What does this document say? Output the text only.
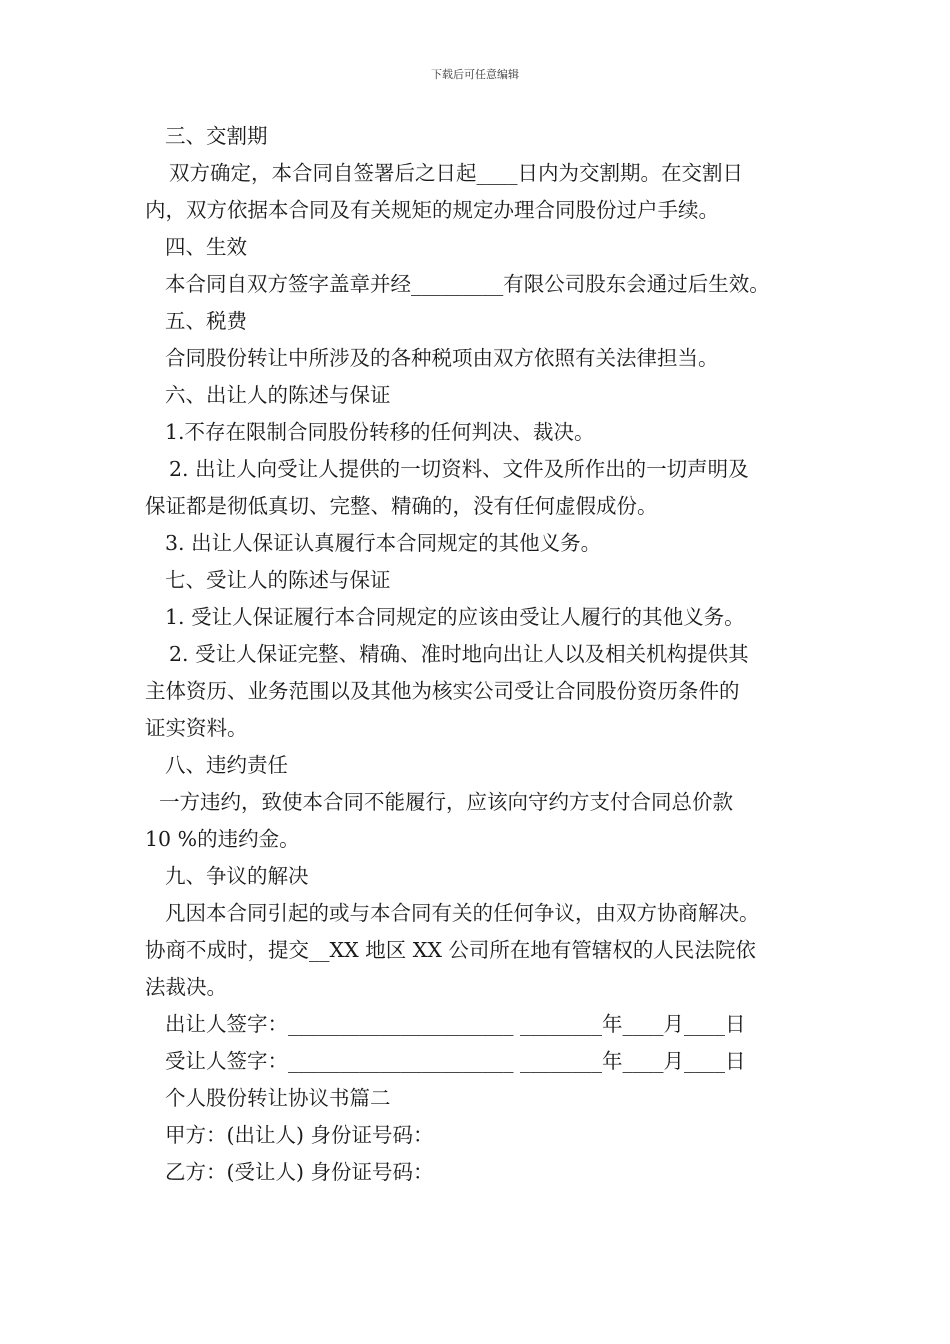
下载后可任意编辑
三、交割期
双方确定，本合同自签署后之日起____日内为交割期。在交割日
内，双方依据本合同及有关规矩的规定办理合同股份过户手续。
四、生效
本合同自双方签字盖章并经_________有限公司股东会通过后生效。
五、税费
合同股份转让中所涉及的各种税项由双方依照有关法律担当。
六、出让人的陈述与保证
1.不存在限制合同股份转移的任何判决、裁决。
2. 出让人向受让人提供的一切资料、文件及所作出的一切声明及
保证都是彻低真切、完整、精确的，没有任何虚假成份。
3. 出让人保证认真履行本合同规定的其他义务。
七、受让人的陈述与保证
1. 受让人保证履行本合同规定的应该由受让人履行的其他义务。
2. 受让人保证完整、精确、准时地向出让人以及相关机构提供其
主体资历、业务范围以及其他为核实公司受让合同股份资历条件的
证实资料。
八、违约责任
一方违约，致使本合同不能履行，应该向守约方支付合同总价款
10 %的违约金。
九、争议的解决
凡因本合同引起的或与本合同有关的任何争议，由双方协商解决。
协商不成时，提交__XX 地区 XX 公司所在地有管辖权的人民法院依
法裁决。
出让人签字：______________________ ________年____月____日
受让人签字：______________________ ________年____月____日
个人股份转让协议书篇二
甲方：(出让人) 身份证号码：
乙方：(受让人) 身份证号码：
